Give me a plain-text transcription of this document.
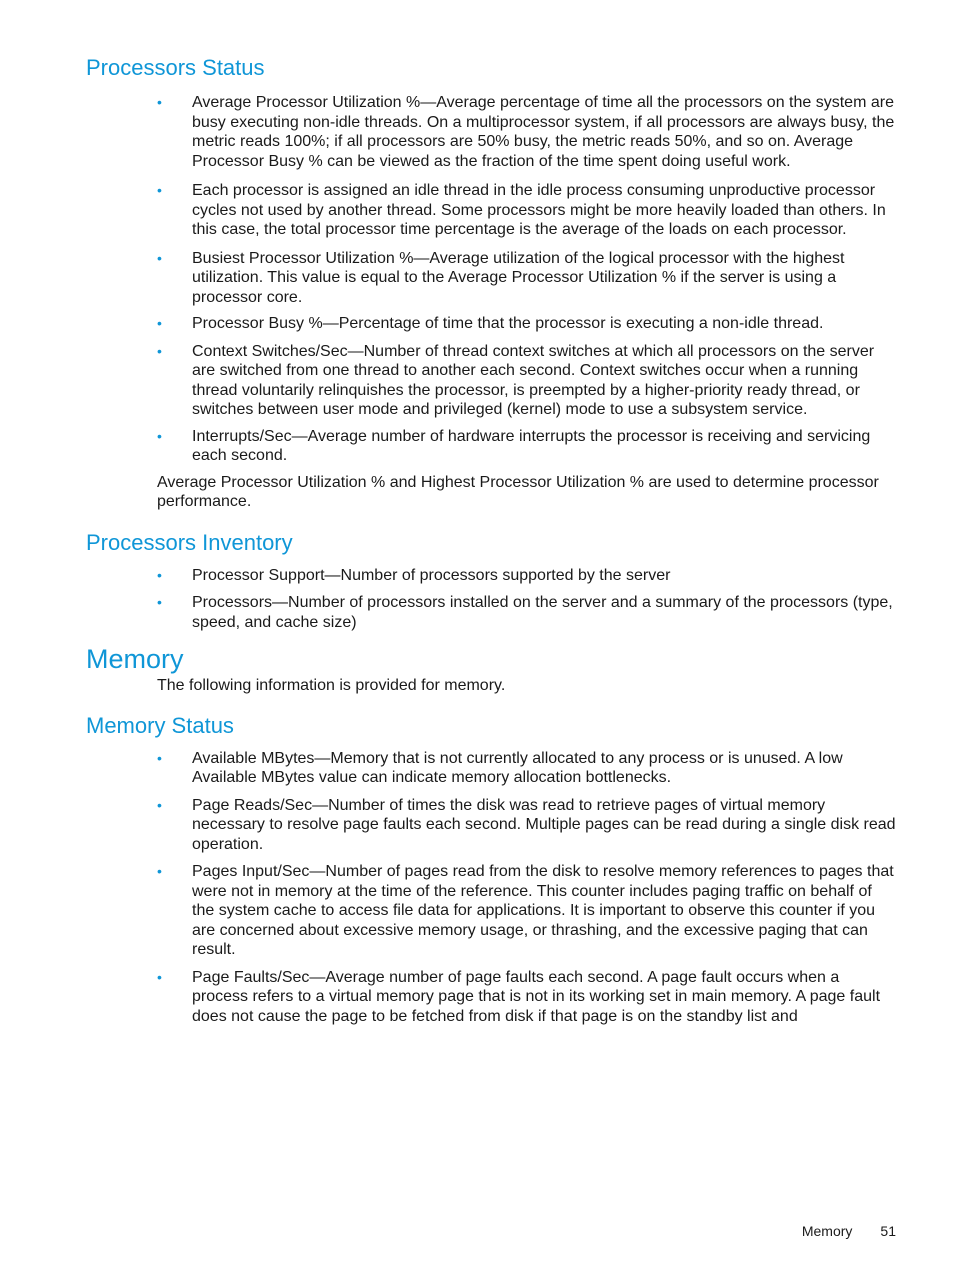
Processors Status
• Average Processor Utilization %—Average percentage of time all the processors on the system are busy executing non-idle threads. On a multiprocessor system, if all processors are always busy, the metric reads 100%; if all processors are 50% busy, the metric reads 50%, and so on. Average Processor Busy % can be viewed as the fraction of the time spent doing useful work.
• Each processor is assigned an idle thread in the idle process consuming unproductive processor cycles not used by another thread. Some processors might be more heavily loaded than others. In this case, the total processor time percentage is the average of the loads on each processor.
• Busiest Processor Utilization %—Average utilization of the logical processor with the highest utilization. This value is equal to the Average Processor Utilization % if the server is using a processor core.
• Processor Busy %—Percentage of time that the processor is executing a non-idle thread.
• Context Switches/Sec—Number of thread context switches at which all processors on the server are switched from one thread to another each second. Context switches occur when a running thread voluntarily relinquishes the processor, is preempted by a higher-priority ready thread, or switches between user mode and privileged (kernel) mode to use a subsystem service.
• Interrupts/Sec—Average number of hardware interrupts the processor is receiving and servicing each second.

Average Processor Utilization % and Highest Processor Utilization % are used to determine processor performance.

Processors Inventory
• Processor Support—Number of processors supported by the server
• Processors—Number of processors installed on the server and a summary of the processors (type, speed, and cache size)
Memory

The following information is provided for memory.

Memory Status
• Available MBytes—Memory that is not currently allocated to any process or is unused. A low Available MBytes value can indicate memory allocation bottlenecks.
• Page Reads/Sec—Number of times the disk was read to retrieve pages of virtual memory necessary to resolve page faults each second. Multiple pages can be read during a single disk read operation.
• Pages Input/Sec—Number of pages read from the disk to resolve memory references to pages that were not in memory at the time of the reference. This counter includes paging traffic on behalf of the system cache to access file data for applications. It is important to observe this counter if you are concerned about excessive memory usage, or thrashing, and the excessive paging that can result.
• Page Faults/Sec—Average number of page faults each second. A page fault occurs when a process refers to a virtual memory page that is not in its working set in main memory. A page fault does not cause the page to be fetched from disk if that page is on the standby list and
Memory 51
